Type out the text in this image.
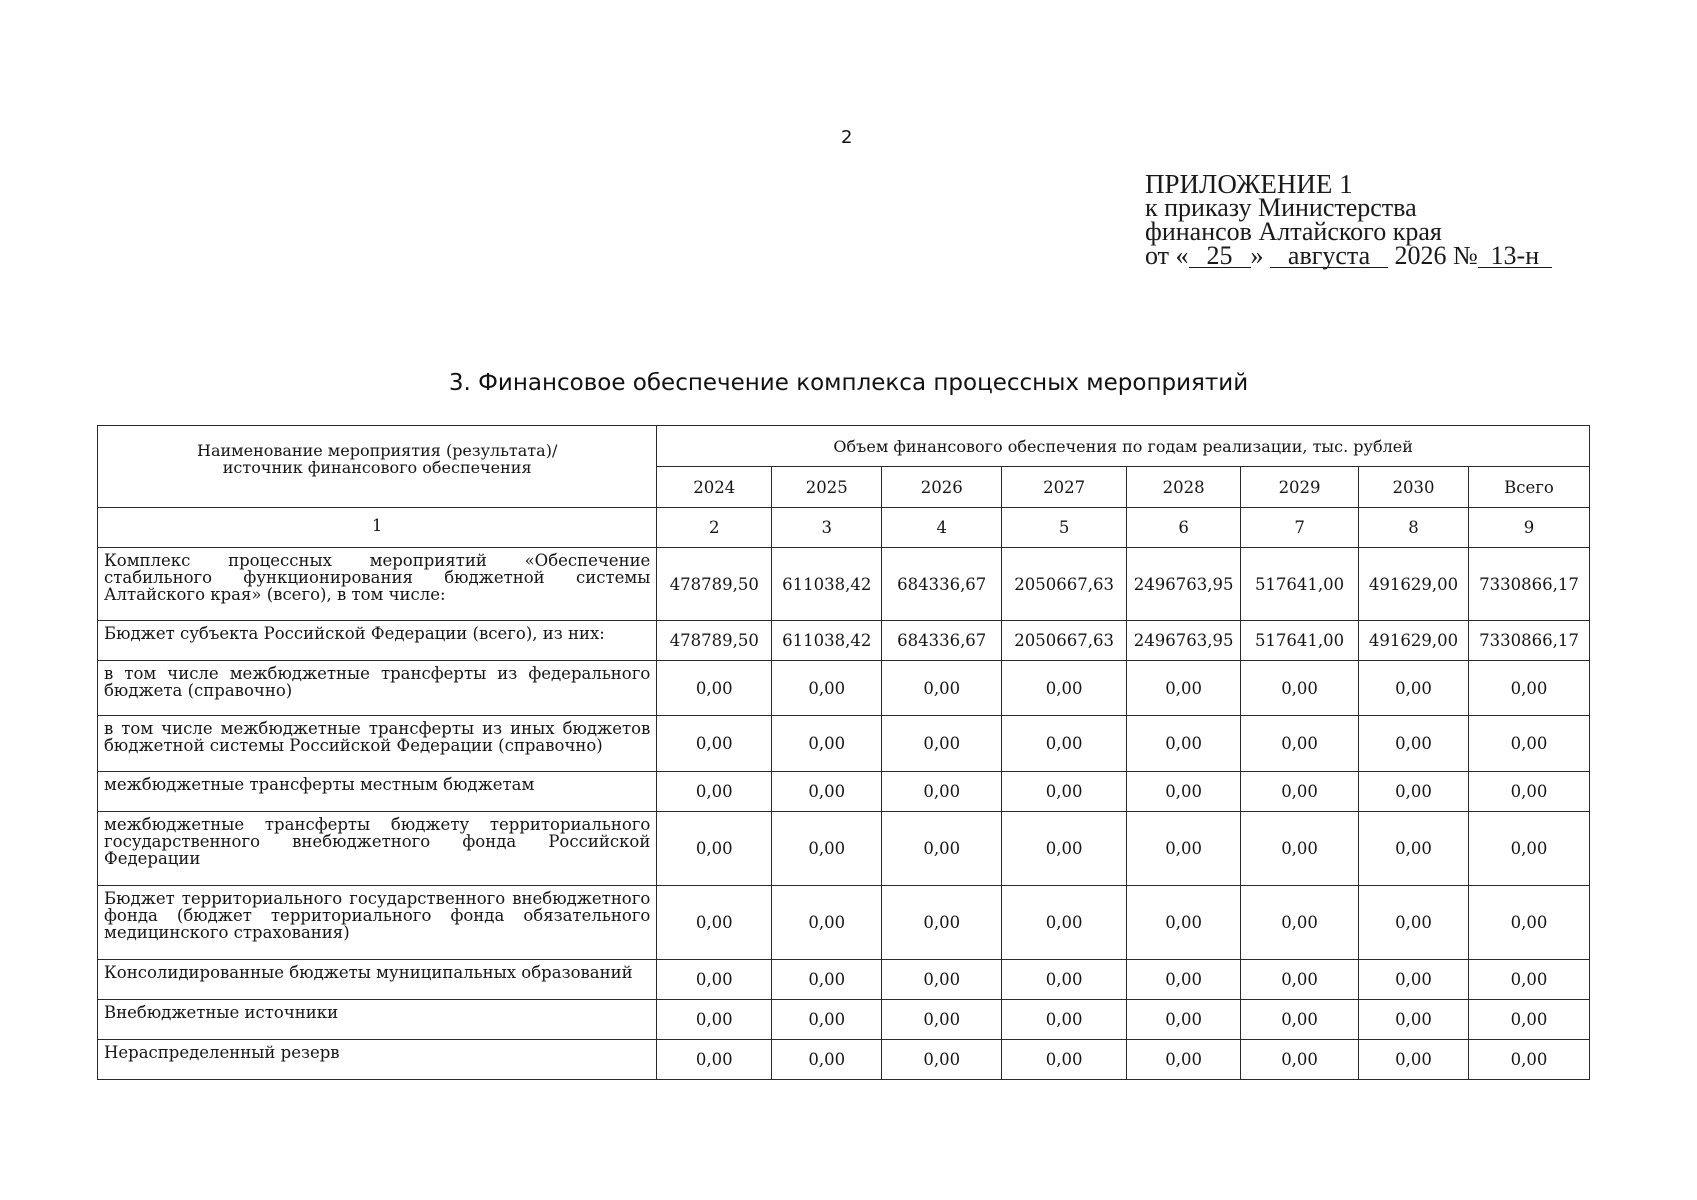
2
ПРИЛОЖЕНИЕ 1
к приказу Министерства
финансов Алтайского края
от « 25 » августа 2026 № 13-н
3. Финансовое обеспечение комплекса процессных мероприятий
Наименование мероприятия (результата)/
источник финансового обеспечения	Объем финансового обеспечения по годам реализации, тыс. рублей							
	2024	2025	2026	2027	2028	2029	2030	Всего
1	2	3	4	5	6	7	8	9
Комплекс процессных мероприятий «Обеспечение стабильного функционирования бюджетной системы Алтайского края» (всего), в том числе:	478789,50	611038,42	684336,67	2050667,63	2496763,95	517641,00	491629,00	7330866,17
Бюджет субъекта Российской Федерации (всего), из них:	478789,50	611038,42	684336,67	2050667,63	2496763,95	517641,00	491629,00	7330866,17
в том числе межбюджетные трансферты из федерального бюджета (справочно)	0,00	0,00	0,00	0,00	0,00	0,00	0,00	0,00
в том числе межбюджетные трансферты из иных бюджетов бюджетной системы Российской Федерации (справочно)	0,00	0,00	0,00	0,00	0,00	0,00	0,00	0,00
межбюджетные трансферты местным бюджетам	0,00	0,00	0,00	0,00	0,00	0,00	0,00	0,00
межбюджетные трансферты бюджету территориального государственного внебюджетного фонда Российской Федерации	0,00	0,00	0,00	0,00	0,00	0,00	0,00	0,00
Бюджет территориального государственного внебюджетного фонда (бюджет территориального фонда обязательного медицинского страхования)	0,00	0,00	0,00	0,00	0,00	0,00	0,00	0,00
Консолидированные бюджеты муниципальных образований	0,00	0,00	0,00	0,00	0,00	0,00	0,00	0,00
Внебюджетные источники	0,00	0,00	0,00	0,00	0,00	0,00	0,00	0,00
Нераспределенный резерв	0,00	0,00	0,00	0,00	0,00	0,00	0,00	0,00
